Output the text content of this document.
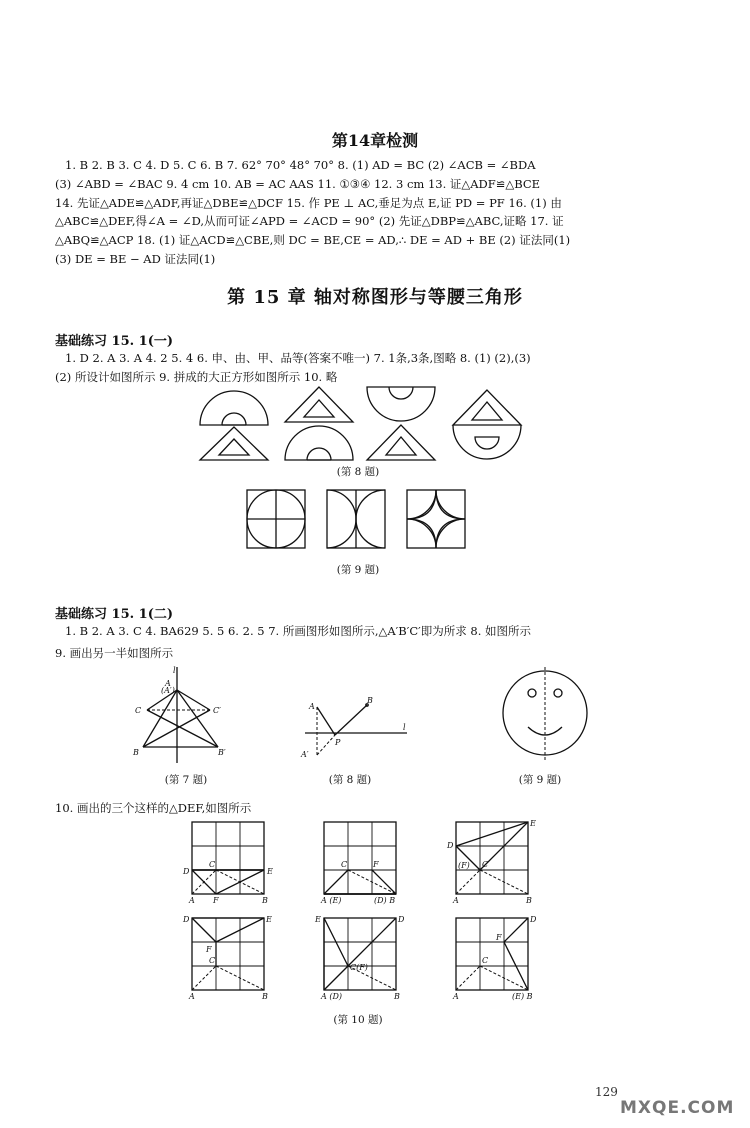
第14章检测

1. B 2. B 3. C 4. D 5. C 6. B 7. 62° 70° 48° 70° 8. (1) AD = BC (2) ∠ACB = ∠BDA

(3) ∠ABD = ∠BAC 9. 4 cm 10. AB = AC AAS 11. ①③④ 12. 3 cm 13. 证△ADF≌△BCE

14. 先证△ADE≌△ADF,再证△DBE≌△DCF 15. 作 PE ⊥ AC,垂足为点 E,证 PD = PF 16. (1) 由

△ABC≌△DEF,得∠A = ∠D,从而可证∠APD = ∠ACD = 90° (2) 先证△DBP≌△ABC,证略 17. 证

△ABQ≌△ACP 18. (1) 证△ACD≌△CBE,则 DC = BE,CE = AD,∴ DE = AD + BE (2) 证法同(1)

(3) DE = BE − AD 证法同(1)

第 15 章 轴对称图形与等腰三角形
基础练习 15. 1(一)

1. D 2. A 3. A 4. 2 5. 4 6. 申、由、甲、品等(答案不唯一) 7. 1条,3条,图略 8. (1) (2),(3)

(2) 所设计如图所示 9. 拼成的大正方形如图所示 10. 略

(第 8 题)
(第 9 题)
基础练习 15. 1(二)
1. B 2. A 3. C 4. BA629 5. 5 6. 2. 5 7. 所画图形如图所示,△A′B′C′即为所求 8. 如图所示
9. 画出另一半如图所示
l
(A′)
A
C	C′
B	B′
(第 7 题)
l
A
B
P
A′
(第 8 题)	(第 9 题)
10. 画出的三个这样的△DEF,如图所示
D	E
C
F
A	B
C	F
A (E)	(D) B
D
E
(F) C
A	B
D	E
F
C
A	B
E	D
C(F)
A (D)	B
D
F
C
A	(E) B
(第 10 题)
129
MXQE.COM
